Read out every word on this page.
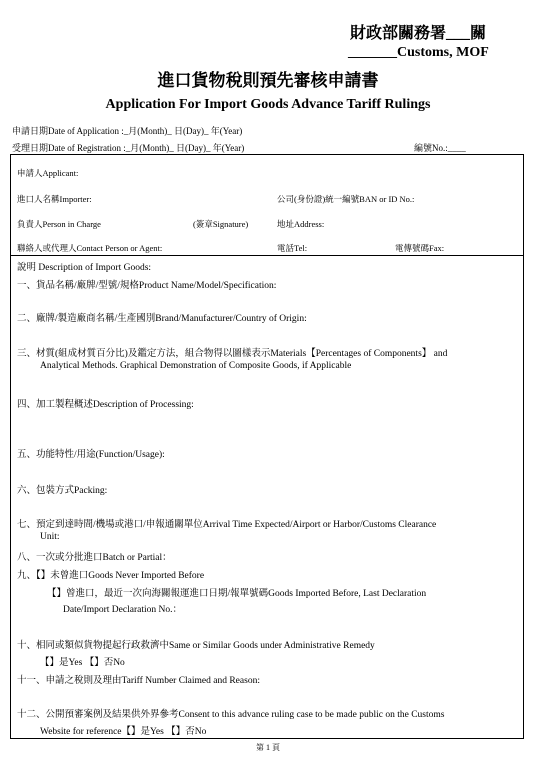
財政部關務署___關
_______Customs, MOF
進口貨物稅則預先審核申請書
Application For Import Goods Advance Tariff Rulings
申請日期Date of Application :_月(Month)_ 日(Day)_ 年(Year)
受理日期Date of Registration :_月(Month)_ 日(Day)_ 年(Year)	編號No.:____
申請人Applicant:
進口人名稱Importer:	公司(身份證)統一編號BAN or ID No.:
負責人Person in Charge	(簽章Signature)	地址Address:
聯絡人或代理人Contact Person or Agent:	電話Tel:	電傳號碼Fax:
說明 Description of Import Goods:
一、貨品名稱/廠牌/型號/規格Product Name/Model/Specification:
二、廠牌/製造廠商名稱/生產國別Brand/Manufacturer/Country of Origin:
三、材質(組成材質百分比)及鑑定方法，組合物得以圖樣表示Materials【Percentages of Components】 and
Analytical Methods. Graphical Demonstration of Composite Goods, if Applicable
四、加工製程概述Description of Processing:
五、功能特性/用途(Function/Usage):
六、包裝方式Packing:
七、預定到達時間/機場或港口/申報通關單位Arrival Time Expected/Airport or Harbor/Customs Clearance
Unit:
八、一次或分批進口Batch or Partial：
九、【】未曾進口Goods Never Imported Before
【】曾進口，最近一次向海關報運進口日期/報單號碼Goods Imported Before, Last Declaration
Date/Import Declaration No.：
十、相同或類似貨物提起行政救濟中Same or Similar Goods under Administrative Remedy
【】是Yes 【】否No
十一、申請之稅則及理由Tariff Number Claimed and Reason:
十二、公開預審案例及結果供外界參考Consent to this advance ruling case to be made public on the Customs
Website for reference【】是Yes 【】否No
第 1 頁
